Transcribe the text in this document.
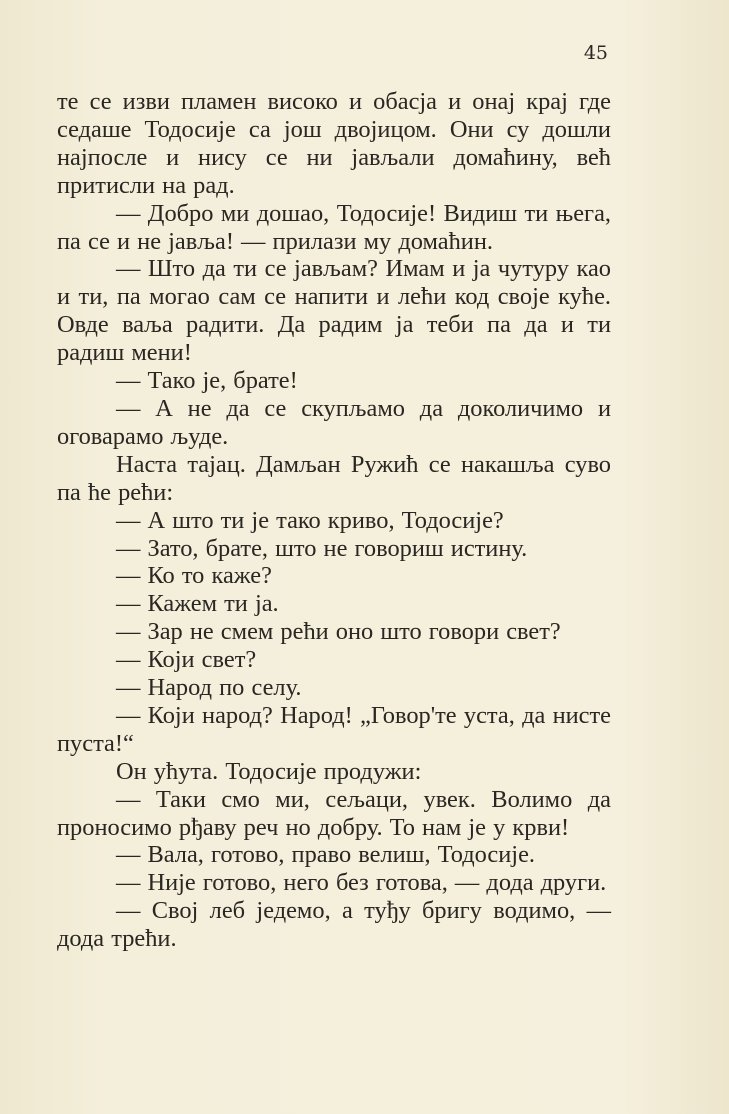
45

те се изви пламен високо и обасја и онај крај где седаше Тодосије са још двојицом. Они су дошли најпосле и нису се ни јављали домаћину, већ притисли на рад.

— Добро ми дошао, Тодосије! Видиш ти њега, па се и не јавља! — прилази му домаћин.

— Што да ти се јављам? Имам и ја чутуру као и ти, па могао сам се напити и лећи код своје куће. Овде ваља радити. Да радим ја теби па да и ти радиш мени!

— Тако је, брате!

— А не да се скупљамо да доколичимо и оговарамо људе.

Наста тајац. Дамљан Ружић се накашља суво па ће рећи:

— А што ти је тако криво, Тодосије?

— Зато, брате, што не говориш истину.

— Ко то каже?

— Кажем ти ја.

— Зар не смем рећи оно што говори свет?

— Који свет?

— Народ по селу.

— Који народ? Народ! „Говор'те уста, да нисте пуста!“

Он ућута. Тодосије продужи:

— Таки смо ми, сељаци, увек. Волимо да проносимо рђаву реч но добру. То нам је у крви!

— Вала, готово, право велиш, Тодосије.

— Није готово, него без готова, — дода други.

— Свој леб једемо, а туђу бригу водимо, — дода трећи.
